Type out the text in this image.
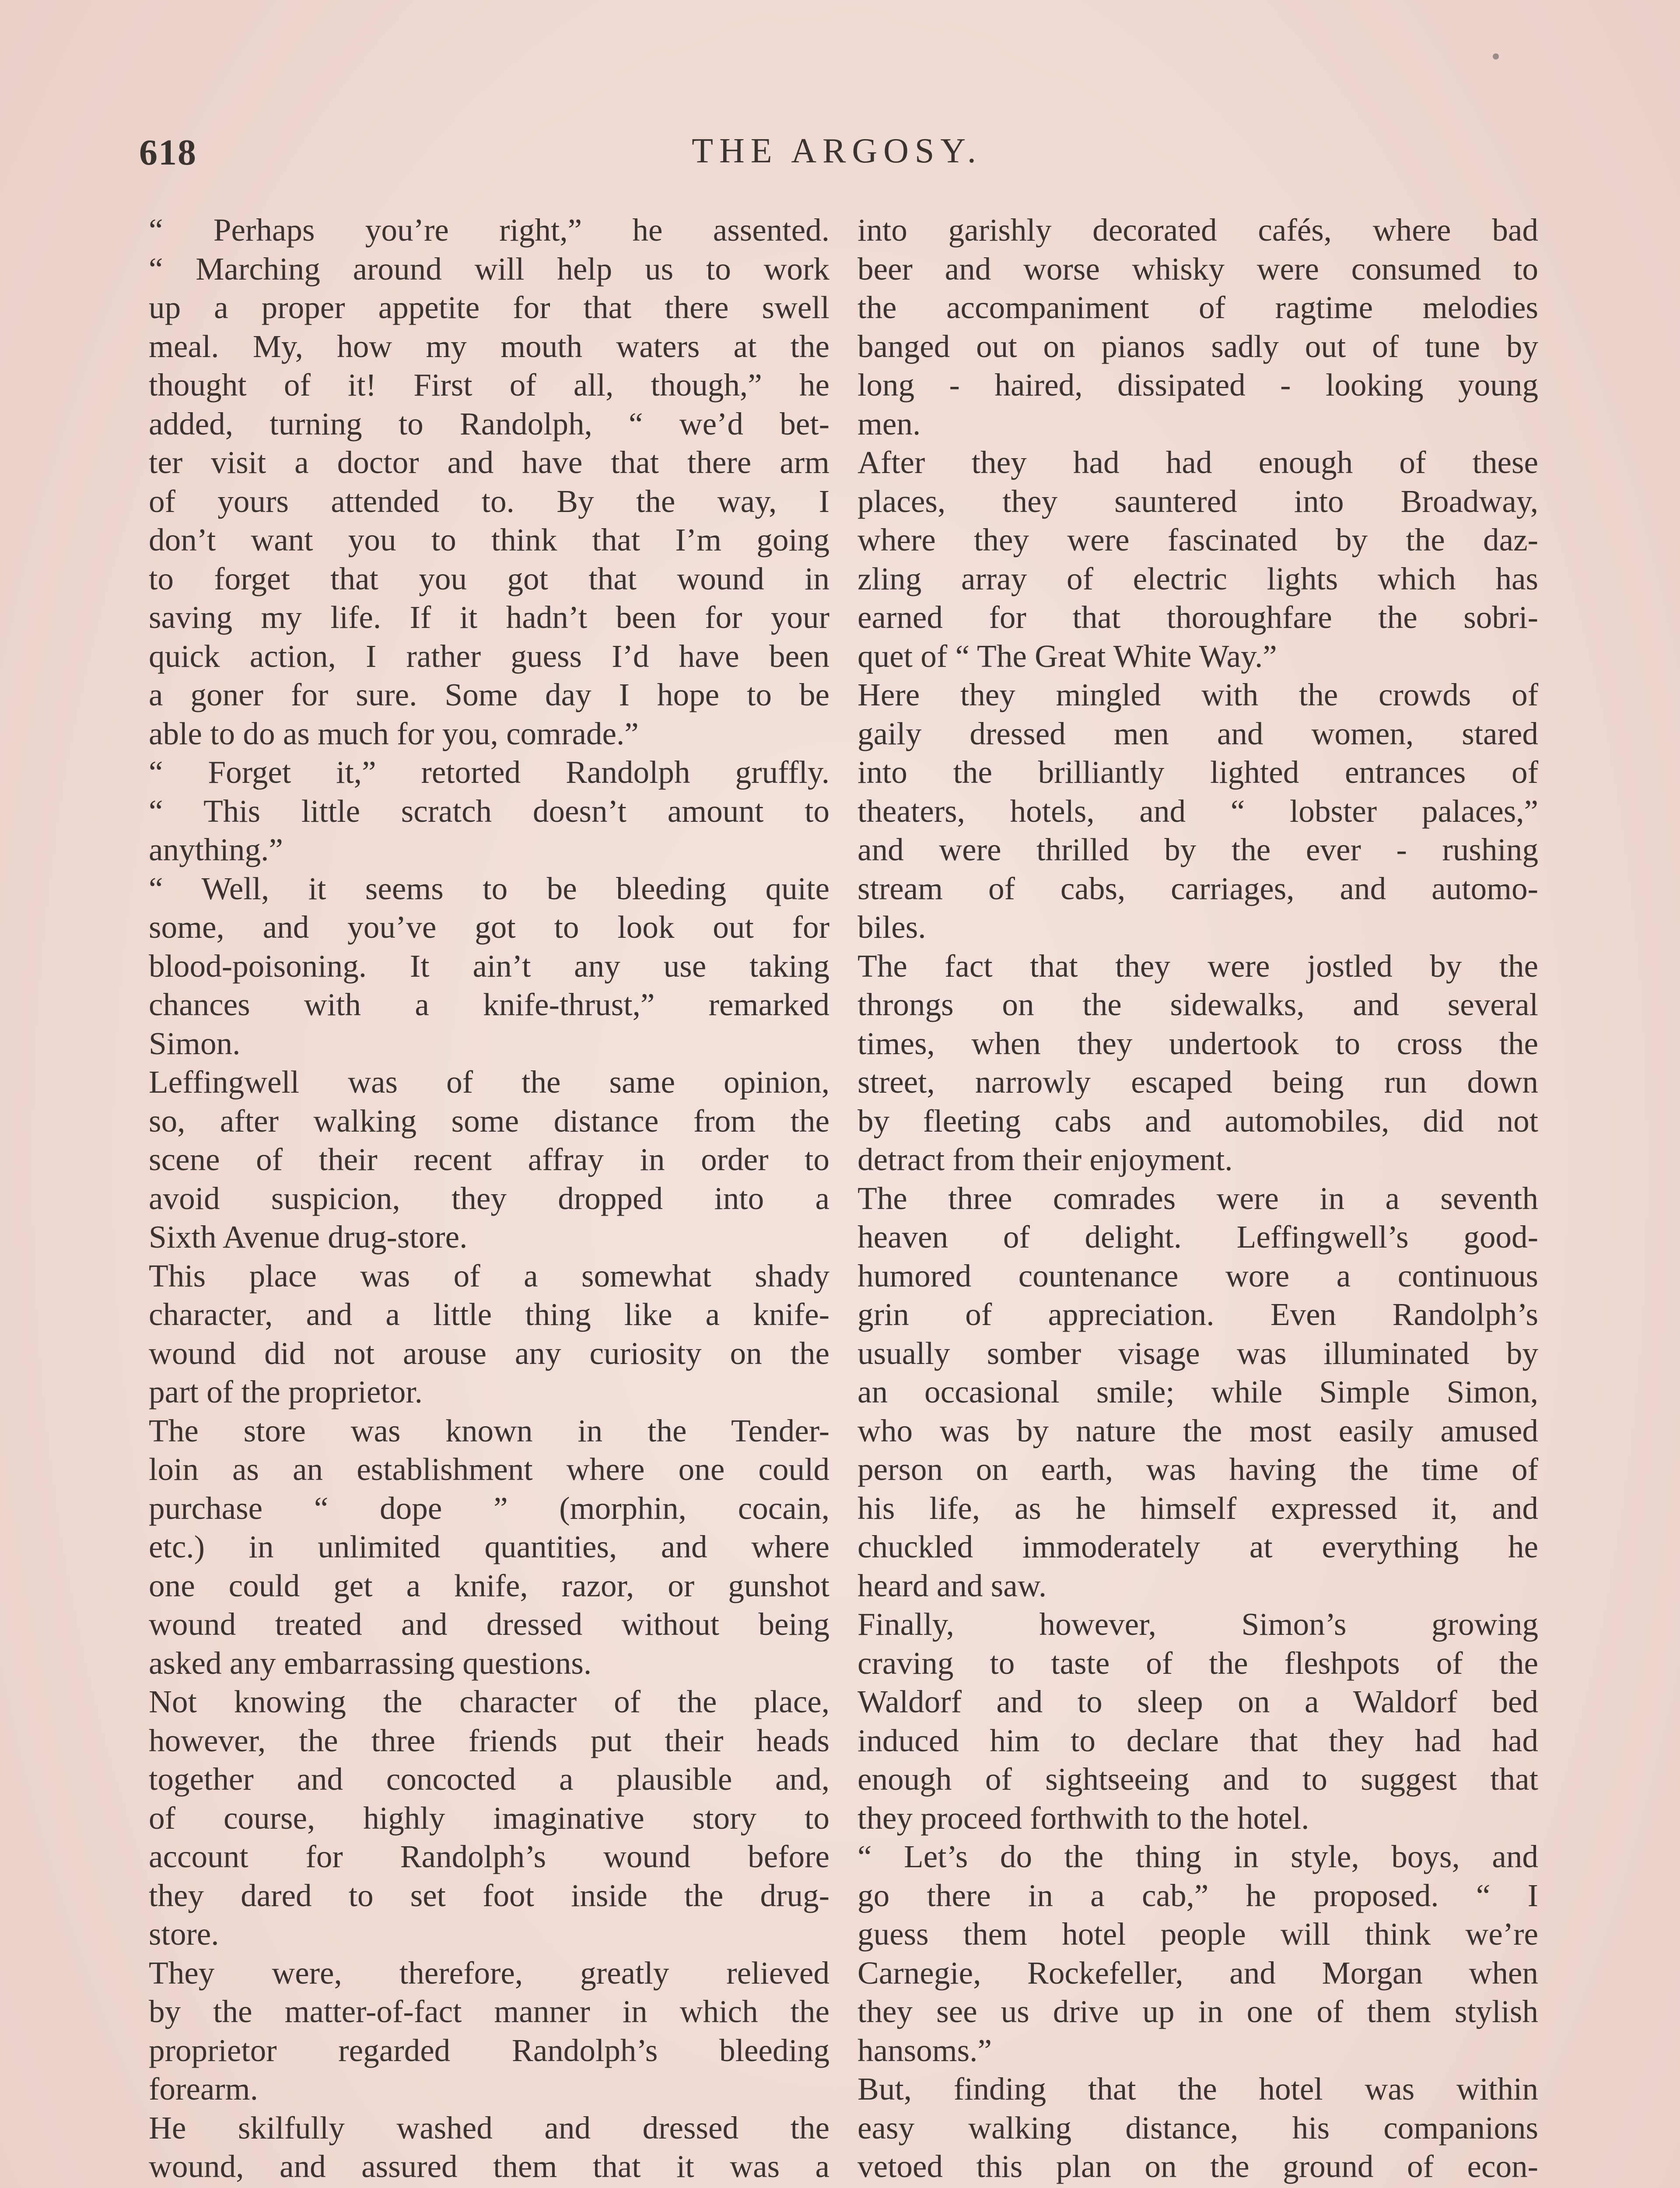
618	THE ARGOSY.
“ Perhaps you’re right,” he assented.
“ Marching around will help us to work
up a proper appetite for that there swell
meal. My, how my mouth waters at the
thought of it! First of all, though,” he
added, turning to Randolph, “ we’d bet-
ter visit a doctor and have that there arm
of yours attended to. By the way, I
don’t want you to think that I’m going
to forget that you got that wound in
saving my life. If it hadn’t been for your
quick action, I rather guess I’d have been
a goner for sure. Some day I hope to be
able to do as much for you, comrade.”
“ Forget it,” retorted Randolph gruffly.
“ This little scratch doesn’t amount to
anything.”
“ Well, it seems to be bleeding quite
some, and you’ve got to look out for
blood-poisoning. It ain’t any use taking
chances with a knife-thrust,” remarked
Simon.
Leffingwell was of the same opinion,
so, after walking some distance from the
scene of their recent affray in order to
avoid suspicion, they dropped into a
Sixth Avenue drug-store.
This place was of a somewhat shady
character, and a little thing like a knife-
wound did not arouse any curiosity on the
part of the proprietor.
The store was known in the Tender-
loin as an establishment where one could
purchase “ dope ” (morphin, cocain,
etc.) in unlimited quantities, and where
one could get a knife, razor, or gunshot
wound treated and dressed without being
asked any embarrassing questions.
Not knowing the character of the place,
however, the three friends put their heads
together and concocted a plausible and,
of course, highly imaginative story to
account for Randolph’s wound before
they dared to set foot inside the drug-
store.
They were, therefore, greatly relieved
by the matter-of-fact manner in which the
proprietor regarded Randolph’s bleeding
forearm.
He skilfully washed and dressed the
wound, and assured them that it was a
into garishly decorated cafés, where bad
beer and worse whisky were consumed to
the accompaniment of ragtime melodies
banged out on pianos sadly out of tune by
long - haired, dissipated - looking young
men.
After they had had enough of these
places, they sauntered into Broadway,
where they were fascinated by the daz-
zling array of electric lights which has
earned for that thoroughfare the sobri-
quet of “ The Great White Way.”
Here they mingled with the crowds of
gaily dressed men and women, stared
into the brilliantly lighted entrances of
theaters, hotels, and “ lobster palaces,”
and were thrilled by the ever - rushing
stream of cabs, carriages, and automo-
biles.
The fact that they were jostled by the
throngs on the sidewalks, and several
times, when they undertook to cross the
street, narrowly escaped being run down
by fleeting cabs and automobiles, did not
detract from their enjoyment.
The three comrades were in a seventh
heaven of delight. Leffingwell’s good-
humored countenance wore a continuous
grin of appreciation. Even Randolph’s
usually somber visage was illuminated by
an occasional smile; while Simple Simon,
who was by nature the most easily amused
person on earth, was having the time of
his life, as he himself expressed it, and
chuckled immoderately at everything he
heard and saw.
Finally, however, Simon’s growing
craving to taste of the fleshpots of the
Waldorf and to sleep on a Waldorf bed
induced him to declare that they had had
enough of sightseeing and to suggest that
they proceed forthwith to the hotel.
“ Let’s do the thing in style, boys, and
go there in a cab,” he proposed. “ I
guess them hotel people will think we’re
Carnegie, Rockefeller, and Morgan when
they see us drive up in one of them stylish
hansoms.”
But, finding that the hotel was within
easy walking distance, his companions
vetoed this plan on the ground of econ-
